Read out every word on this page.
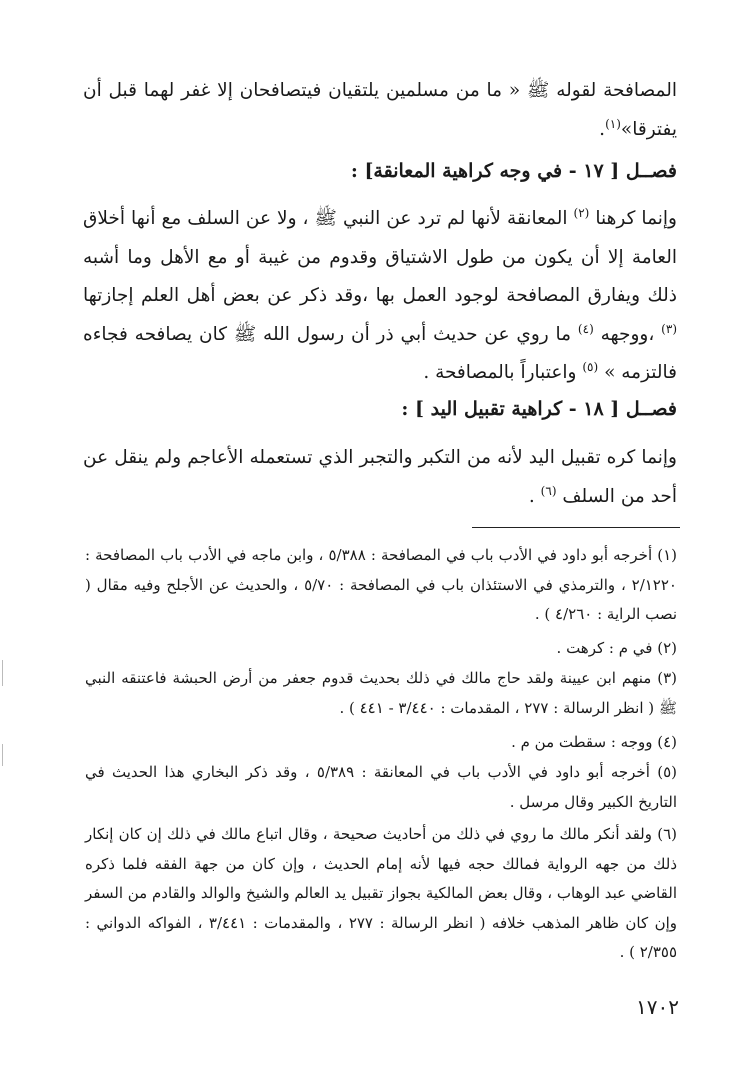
المصافحة لقوله ﷺ « ما من مسلمين يلتقيان فيتصافحان إلا غفر لهما قبل أن يفترقا»$^{(١)}$.

فصــل [ ١٧ - في وجه كراهية المعانقة] :

وإنما كرهنا $^{(٢)}$ المعانقة لأنها لم ترد عن النبي ﷺ ، ولا عن السلف مع أنها أخلاق العامة إلا أن يكون من طول الاشتياق وقدوم من غيبة أو مع الأهل وما أشبه ذلك ويفارق المصافحة لوجود العمل بها ،وقد ذكر عن بعض أهل العلم إجازتها $^{(٣)}$ ،ووجهه $^{(٤)}$ ما روي عن حديث أبي ذر أن رسول الله ﷺ كان يصافحه فجاءه فالتزمه » $^{(٥)}$ واعتباراً بالمصافحة .

فصــل [ ١٨ - كراهية تقبيل اليد ] :

وإنما كره تقبيل اليد لأنه من التكبر والتجبر الذي تستعمله الأعاجم ولم ينقل عن أحد من السلف $^{(٦)}$ .

(١) أخرجه أبو داود في الأدب باب في المصافحة : ٥/٣٨٨ ، وابن ماجه في الأدب باب المصافحة : ٢/١٢٢٠ ، والترمذي في الاستئذان باب في المصافحة : ٥/٧٠ ، والحديث عن الأجلح وفيه مقال ( نصب الراية : ٤/٢٦٠ ) .

(٢) في م : كرهت .

(٣) منهم ابن عيينة ولقد حاج مالك في ذلك بحديث قدوم جعفر من أرض الحبشة فاعتنقه النبي ﷺ ( انظر الرسالة : ٢٧٧ ، المقدمات : ٣/٤٤٠ - ٤٤١ ) .

(٤) ووجه : سقطت من م .

(٥) أخرجه أبو داود في الأدب باب في المعانقة : ٥/٣٨٩ ، وقد ذكر البخاري هذا الحديث في التاريخ الكبير وقال مرسل .

(٦) ولقد أنكر مالك ما روي في ذلك من أحاديث صحيحة ، وقال اتباع مالك في ذلك إن كان إنكار ذلك من جهه الرواية فمالك حجه فيها لأنه إمام الحديث ، وإن كان من جهة الفقه فلما ذكره القاضي عبد الوهاب ، وقال بعض المالكية بجواز تقبيل يد العالم والشيخ والوالد والقادم من السفر وإن كان ظاهر المذهب خلافه ( انظر الرسالة : ٢٧٧ ، والمقدمات : ٣/٤٤١ ، الفواكه الدواني : ٢/٣٥٥ ) .

١٧٠٢
